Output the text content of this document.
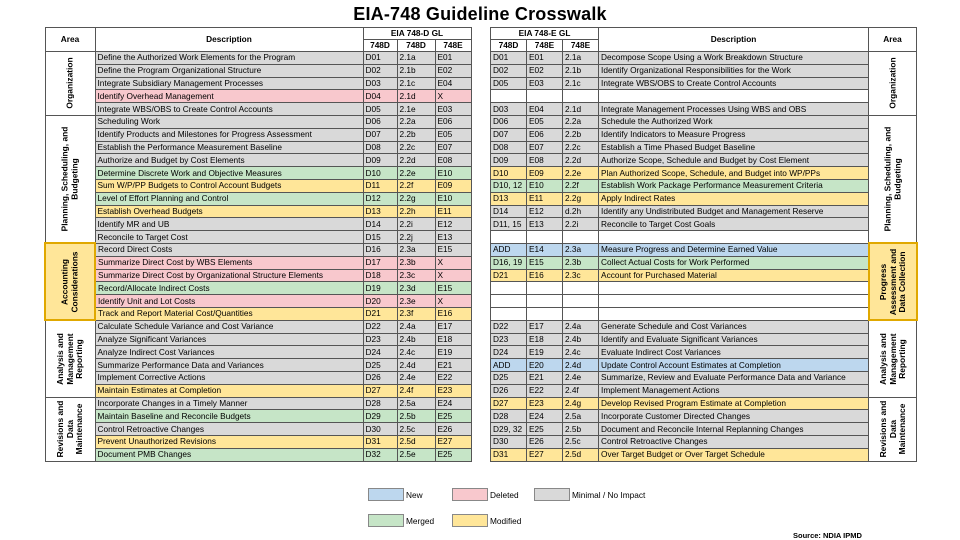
EIA-748 Guideline Crosswalk
Area	Description	EIA 748-D GL		
		748D	748D	748E

Organization	Define the Authorized Work Elements for the Program	D01	2.1a	E01
	Define the Program Organizational Structure	D02	2.1b	E02
	Integrate Subsidiary Management Processes	D03	2.1c	E04
	Identify Overhead Management	D04	2.1d	X
	Integrate WBS/OBS to Create Control Accounts	D05	2.1e	E03

Planning, Scheduling, and Budgeting	Scheduling Work	D06	2.2a	E06
	Identify Products and Milestones for Progress Assessment	D07	2.2b	E05
	Establish the Performance Measurement Baseline	D08	2.2c	E07
	Authorize and Budget by Cost Elements	D09	2.2d	E08
	Determine Discrete Work and Objective Measures	D10	2.2e	E10
	Sum W/P/PP Budgets to Control Account Budgets	D11	2.2f	E09
	Level of Effort Planning and Control	D12	2.2g	E10
	Establish Overhead Budgets	D13	2.2h	E11
	Identify MR and UB	D14	2.2i	E12
	Reconcile to Target Cost	D15	2.2j	E13

Accounting Considerations	Record Direct Costs	D16	2.3a	E15
	Summarize Direct Cost by WBS Elements	D17	2.3b	X
	Summarize Direct Cost by Organizational Structure Elements	D18	2.3c	X
	Record/Allocate Indirect Costs	D19	2.3d	E15
	Identify Unit and Lot Costs	D20	2.3e	X
	Track and Report Material Cost/Quantities	D21	2.3f	E16

Analysis and Management Reporting	Calculate Schedule Variance and Cost Variance	D22	2.4a	E17
	Analyze Significant Variances	D23	2.4b	E18
	Analyze Indirect Cost Variances	D24	2.4c	E19
	Summarize Performance Data and Variances	D25	2.4d	E21
	Implement Corrective Actions	D26	2.4e	E22
	Maintain Estimates at Completion	D27	2.4f	E23

Revisions and Data Maintenance	Incorporate Changes in a Timely Manner	D28	2.5a	E24
	Maintain Baseline and Reconcile Budgets	D29	2.5b	E25
	Control Retroactive Changes	D30	2.5c	E26
	Prevent Unauthorized Revisions	D31	2.5d	E27
	Document PMB Changes	D32	2.5e	E25
EIA 748-E GL			Description	Area
748D	748E	748E		
D01	E01	2.1a	Decompose Scope Using a Work Breakdown Structure	Organization

D02	E02	2.1b	Identify Organizational Responsibilities for the Work	
D05	E03	2.1c	Integrate WBS/OBS to Create Control Accounts	

D03	E04	2.1d	Integrate Management Processes Using WBS and OBS	
D06	E05	2.2a	Schedule the Authorized Work	Planning, Scheduling, and Budgeting

D07	E06	2.2b	Identify Indicators to Measure Progress	
D08	E07	2.2c	Establish a Time Phased Budget Baseline	
D09	E08	2.2d	Authorize Scope, Schedule and Budget by Cost Element	
D10	E09	2.2e	Plan Authorized Scope, Schedule, and Budget into WP/PPs	
D10, 12	E10	2.2f	Establish Work Package Performance Measurement Criteria	
D13	E11	2.2g	Apply Indirect Rates	
D14	E12	d.2h	Identify any Undistributed Budget and Management Reserve	
D11, 15	E13	2.2i	Reconcile to Target Cost Goals	

ADD	E14	2.3a	Measure Progress and Determine Earned Value	Progress Assessment and Data Collection

D16, 19	E15	2.3b	Collect Actual Costs for Work Performed	
D21	E16	2.3c	Account for Purchased Material	

D22	E17	2.4a	Generate Schedule and Cost Variances	Analysis and Management Reporting

D23	E18	2.4b	Identify and Evaluate Significant Variances	
D24	E19	2.4c	Evaluate Indirect Cost Variances	
ADD	E20	2.4d	Update Control Account Estimates at Completion	
D25	E21	2.4e	Summarize, Review and Evaluate Performance Data and Variance	
D26	E22	2.4f	Implement Management Actions	
D27	E23	2.4g	Develop Revised Program Estimate at Completion	Revisions and Data Maintenance

D28	E24	2.5a	Incorporate Customer Directed Changes	
D29, 32	E25	2.5b	Document and Reconcile Internal Replanning Changes	
D30	E26	2.5c	Control Retroactive Changes	
D31	E27	2.5d	Over Target Budget or Over Target Schedule	
New	Deleted	Minimal / No Impact
Merged	Modified
Source: NDIA IPMD
